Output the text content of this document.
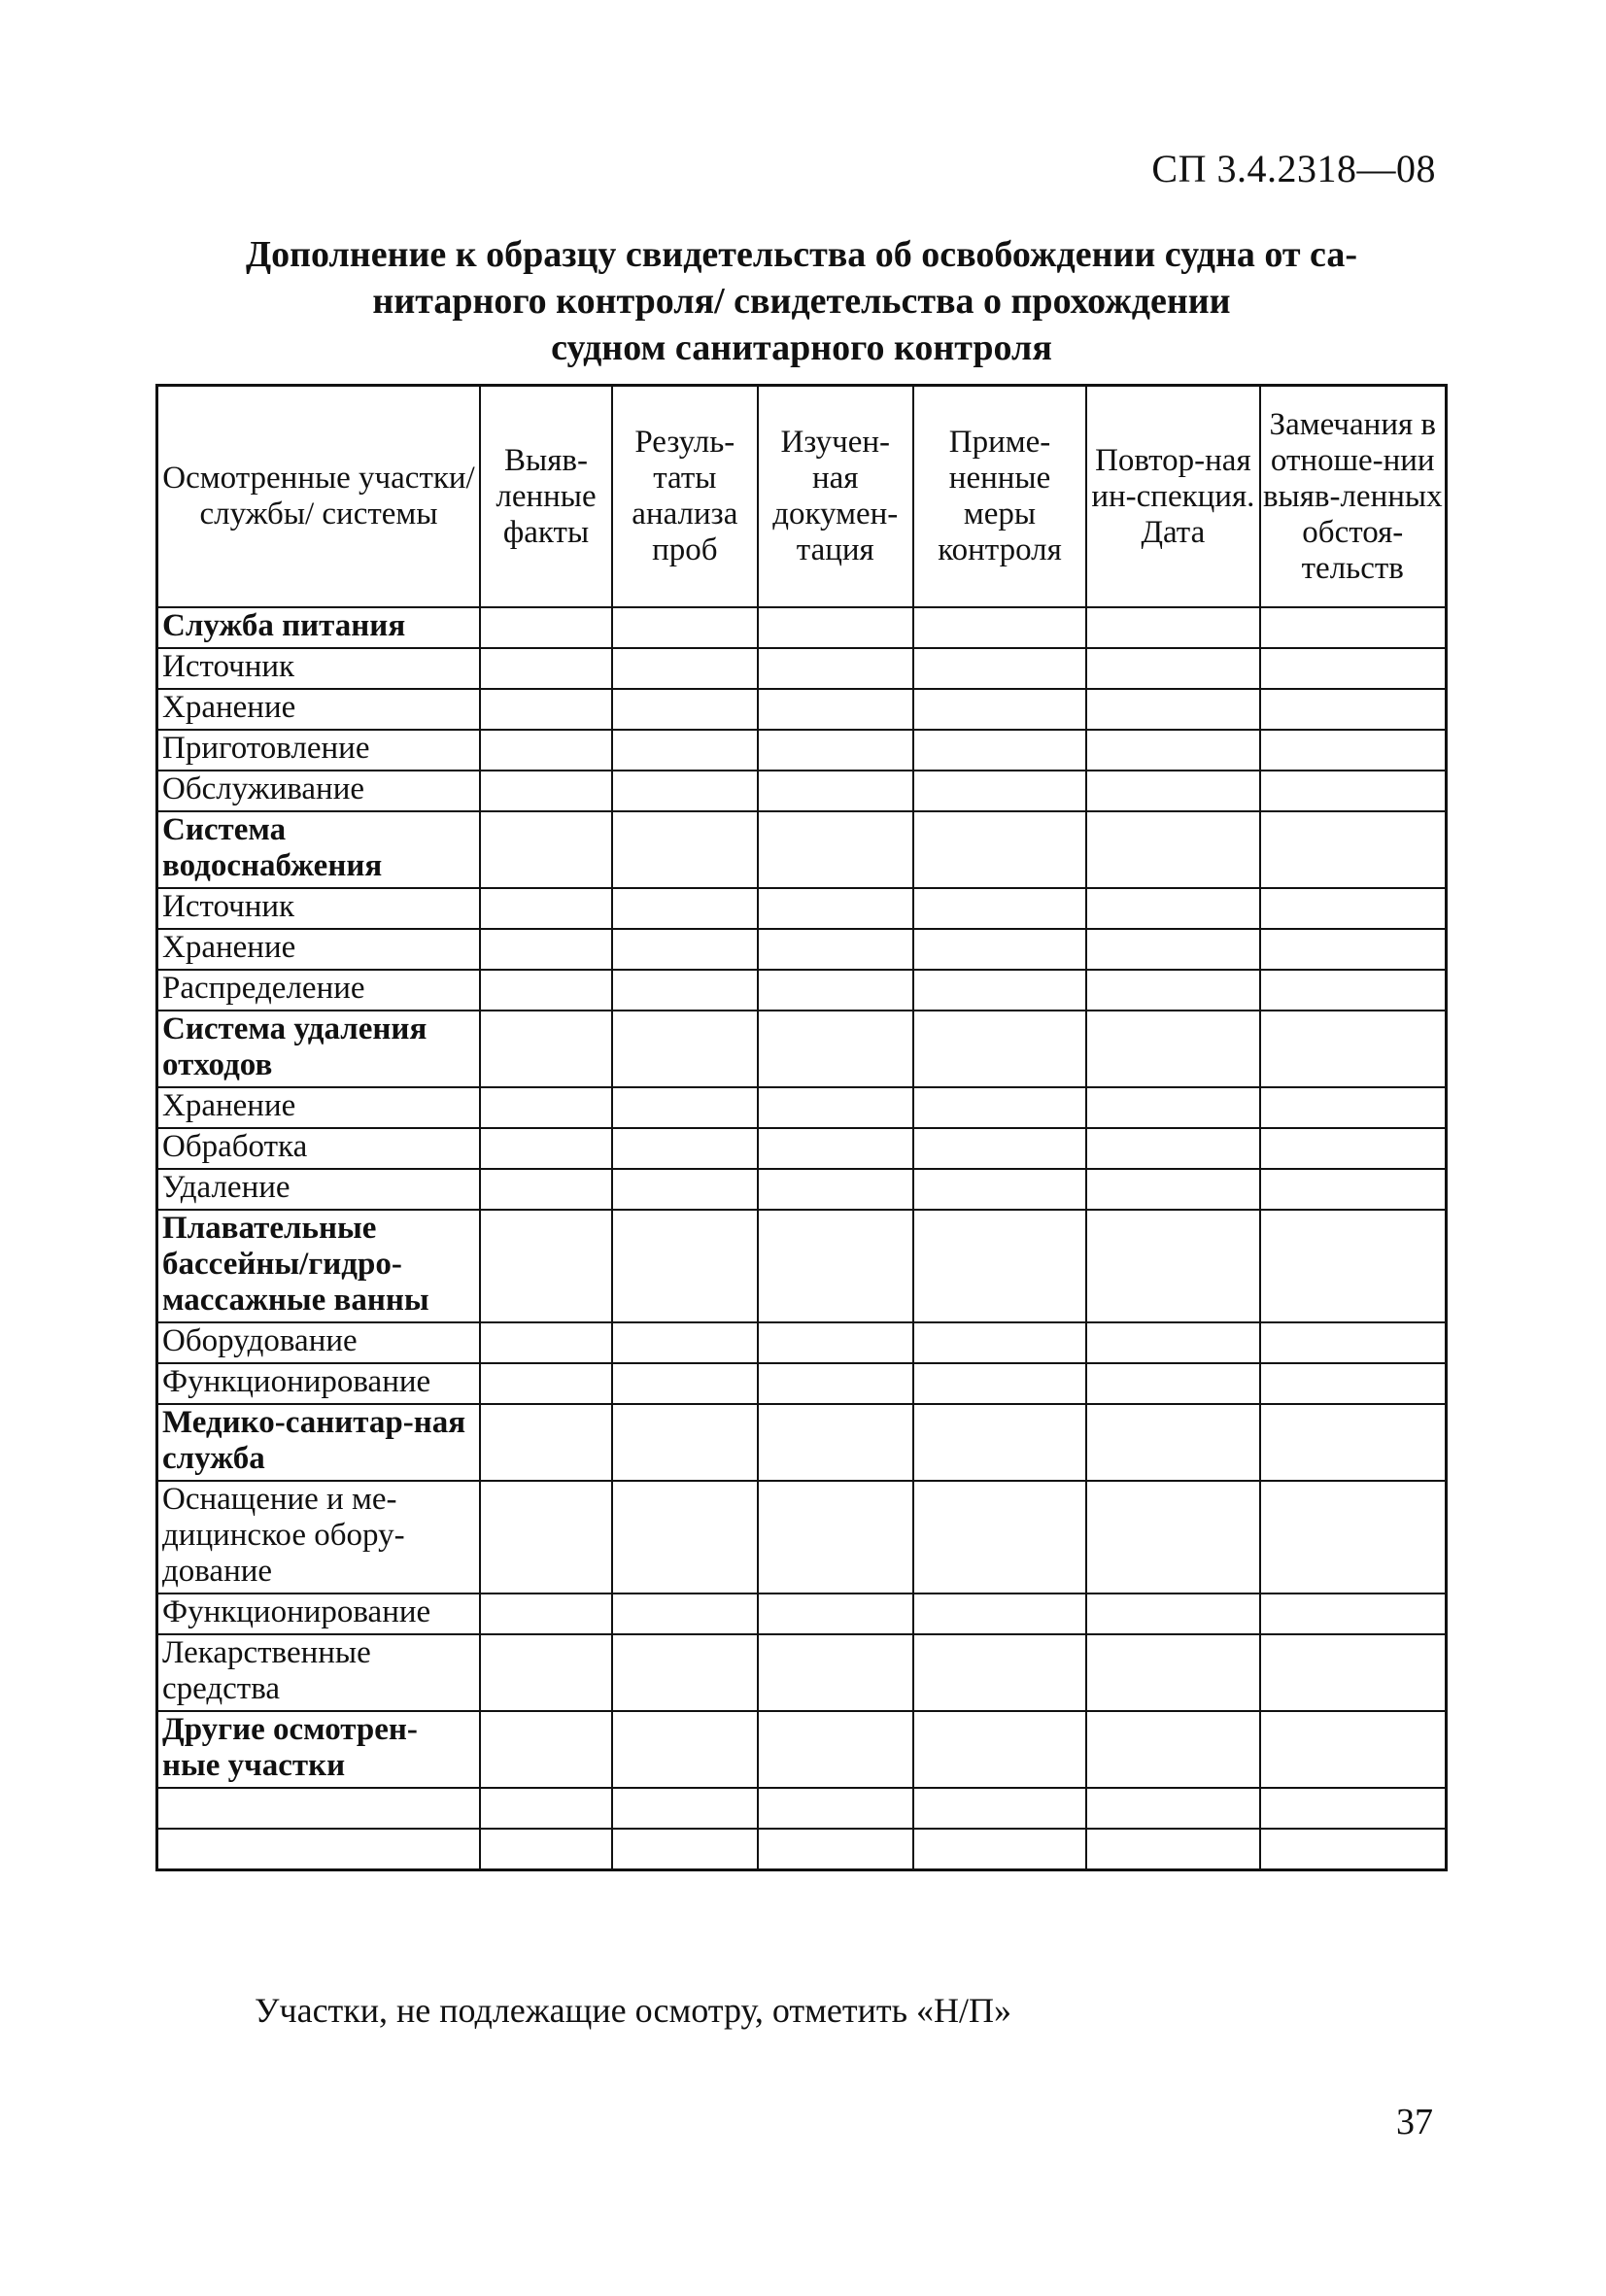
СП 3.4.2318—08
Дополнение к образцу свидетельства об освобождении судна от са-
нитарного контроля/ свидетельства о прохождении
судном санитарного контроля
Осмотренные участки/службы/ системы	Выяв-ленные факты	Резуль-таты анализа проб	Изучен-ная докумен-тация	Приме-ненные меры контроля	Повтор-ная ин-спекция. Дата	Замечания в отноше-нии выяв-ленных обстоя-тельств
Служба питания						
Источник						
Хранение						
Приготовление						
Обслуживание						
Система водоснабжения						
Источник						
Хранение						
Распределение						
Система удаления отходов						
Хранение						
Обработка						
Удаление						
Плавательные бассейны/гидро-массажные ванны						
Оборудование						
Функционирование						
Медико-санитар-ная служба						
Оснащение и ме-дицинское обору-дование						
Функционирование						
Лекарственные средства						
Другие осмотрен-ные участки						

Участки, не подлежащие осмотру, отметить «Н/П»
37
